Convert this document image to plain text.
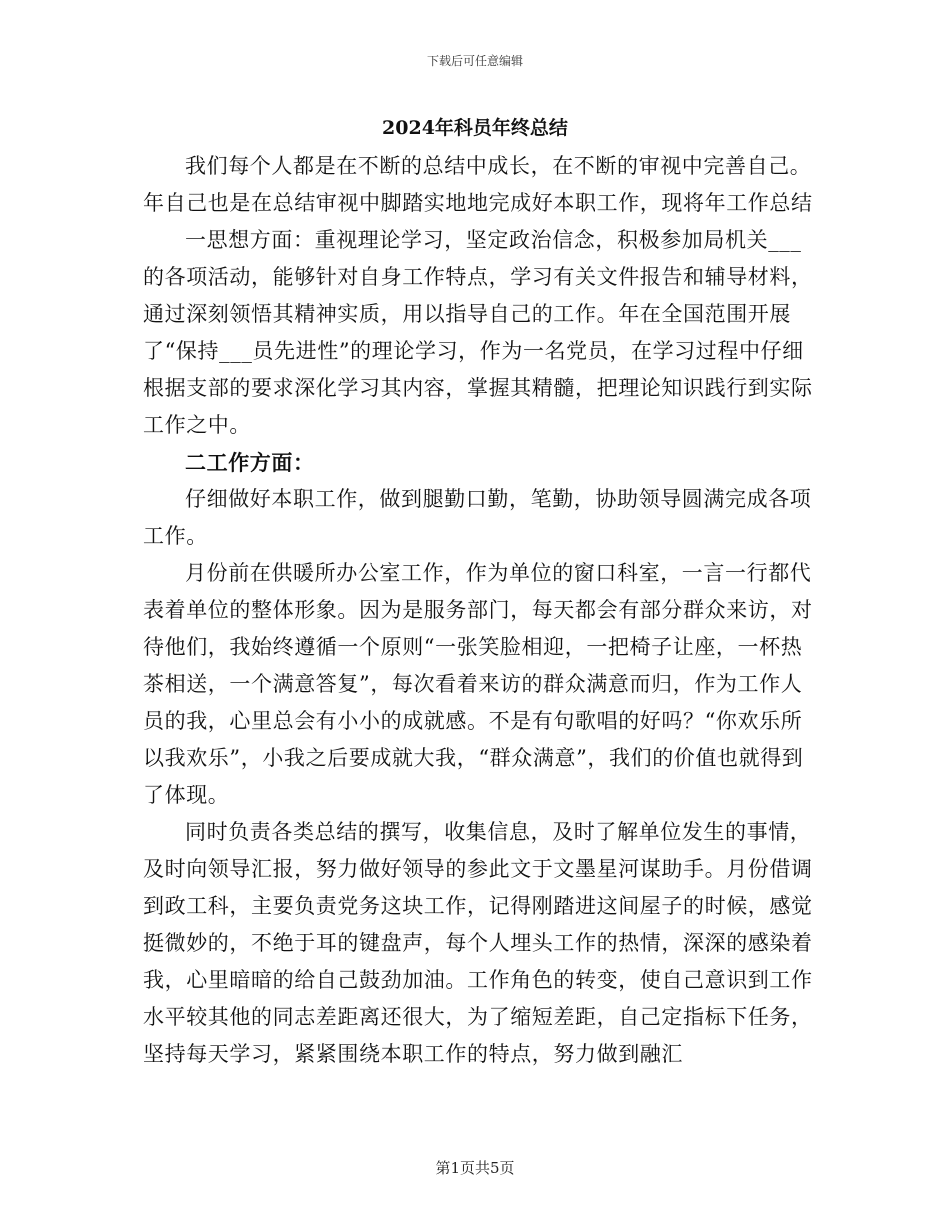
下载后可任意编辑
2024年科员年终总结

我们每个人都是在不断的总结中成长，在不断的审视中完善自己。年自己也是在总结审视中脚踏实地地完成好本职工作，现将年工作总结

一思想方面：重视理论学习，坚定政治信念，积极参加局机关___的各项活动，能够针对自身工作特点，学习有关文件报告和辅导材料，通过深刻领悟其精神实质，用以指导自己的工作。年在全国范围开展了“保持___员先进性”的理论学习，作为一名党员，在学习过程中仔细根据支部的要求深化学习其内容，掌握其精髓，把理论知识践行到实际工作之中。

二工作方面：

仔细做好本职工作，做到腿勤口勤，笔勤，协助领导圆满完成各项工作。

月份前在供暖所办公室工作，作为单位的窗口科室，一言一行都代表着单位的整体形象。因为是服务部门，每天都会有部分群众来访，对待他们，我始终遵循一个原则“一张笑脸相迎，一把椅子让座，一杯热茶相送，一个满意答复”，每次看着来访的群众满意而归，作为工作人员的我，心里总会有小小的成就感。不是有句歌唱的好吗？“你欢乐所以我欢乐”，小我之后要成就大我，“群众满意”，我们的价值也就得到了体现。

同时负责各类总结的撰写，收集信息，及时了解单位发生的事情，及时向领导汇报，努力做好领导的参此文于文墨星河谋助手。月份借调到政工科，主要负责党务这块工作，记得刚踏进这间屋子的时候，感觉挺微妙的，不绝于耳的键盘声，每个人埋头工作的热情，深深的感染着我，心里暗暗的给自己鼓劲加油。工作角色的转变，使自己意识到工作水平较其他的同志差距离还很大，为了缩短差距，自己定指标下任务，坚持每天学习，紧紧围绕本职工作的特点，努力做到融汇

第1页共5页
